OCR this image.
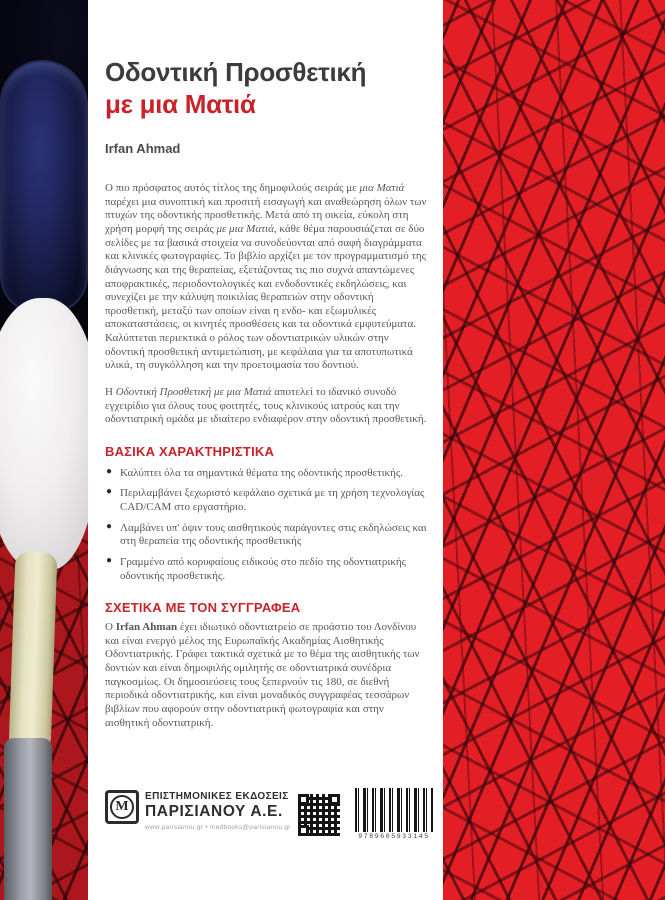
Οδοντική Προσθετική
με μια Ματιά
Irfan Ahmad

Ο πιο πρόσφατος αυτός τίτλος της δημοφιλούς σειράς με μια Ματιά παρέχει μια συνοπτική και προσιτή εισαγωγή και αναθεώρηση όλων των πτυχών της οδοντικής προσθετικής. Μετά από τη οικεία, εύκολη στη χρήση μορφή της σειράς με μια Ματιά, κάθε θέμα παρουσιάζεται σε δύο σελίδες με τα βασικά στοιχεία να συνοδεύονται από σαφή διαγράμματα και κλινικές φωτογραφίες. Το βιβλίο αρχίζει με τον προγραμματισμό της διάγνωσης και της θεραπείας, εξετάζοντας τις πιο συχνά απαντώμενες αποφρακτικές, περιοδοντολογικές και ενδοδοντικές εκδηλώσεις, και συνεχίζει με την κάλυψη ποικιλίας θεραπειών στην οδοντική προσθετική, μεταξύ των οποίων είναι η ενδο- και εξωμυλικές αποκαταστάσεις, οι κινητές προσθέσεις και τα οδοντικά εμφυτεύματα. Καλύπτεται περιεκτικά ο ρόλος των οδοντιατρικών υλικών στην οδοντική προσθετική αντιμετώπιση, με κεφάλαια για τα αποτυπωτικά υλικά, τη συγκόλληση και την προετοιμασία του δοντιού.

Η Οδοντική Προσθετική με μια Ματιά αποτελεί το ιδανικό συνοδό εγχειρίδιο για όλους τους φοιτητές, τους κλινικούς ιατρούς και την οδοντιατρική ομάδα με ιδιαίτερο ενδιαφέρον στην οδοντική προσθετική.

ΒΑΣΙΚΑ ΧΑΡΑΚΤΗΡΙΣΤΙΚΑ
● Καλύπτει όλα τα σημαντικά θέματα της οδοντικής προσθετικής.
● Περιλαμβάνει ξεχωριστό κεφάλαιο σχετικά με τη χρήση τεχνολογίας CAD/CAM στο εργαστήριο.
● Λαμβάνει υπ' όψιν τους αισθητικούς παράγοντες στις εκδηλώσεις και στη θεραπεία της οδοντικής προσθετικής
● Γραμμένο από κορυφαίους ειδικούς στο πεδίο της οδοντιατρικής οδοντικής προσθετικής.
ΣΧΕΤΙΚΑ ΜΕ ΤΟΝ ΣΥΓΓΡΑΦΕΑ

Ο Irfan Ahman έχει ιδιωτικό οδοντιατρείο σε προάστιο του Λονδίνου και είναι ενεργό μέλος της Ευρωπαϊκής Ακαδημίας Αισθητικής Οδοντιατρικής. Γράφει τακτικά σχετικά με το θέμα της αισθητικής των δοντιών και είναι δημοφιλής ομιλητής σε οδοντιατρικά συνέδρια παγκοσμίως. Οι δημοσιεύσεις τους ξεπερνούν τις 180, σε διεθνή περιοδικά οδοντιατρικής, και είναι μοναδικός συγγραφέας τεσσάρων βιβλίων που αφορούν στην οδοντιατρική φωτογραφία και στην αισθητική οδοντιατρική.

Μ
ΕΠΙΣΤΗΜΟΝΙΚΕΣ ΕΚΔΟΣΕΙΣ
ΠΑΡΙΣΙΑΝΟΥ Α.Ε.
www.parisianou.gr • medbooks@parisianou.gr
9789605933145
